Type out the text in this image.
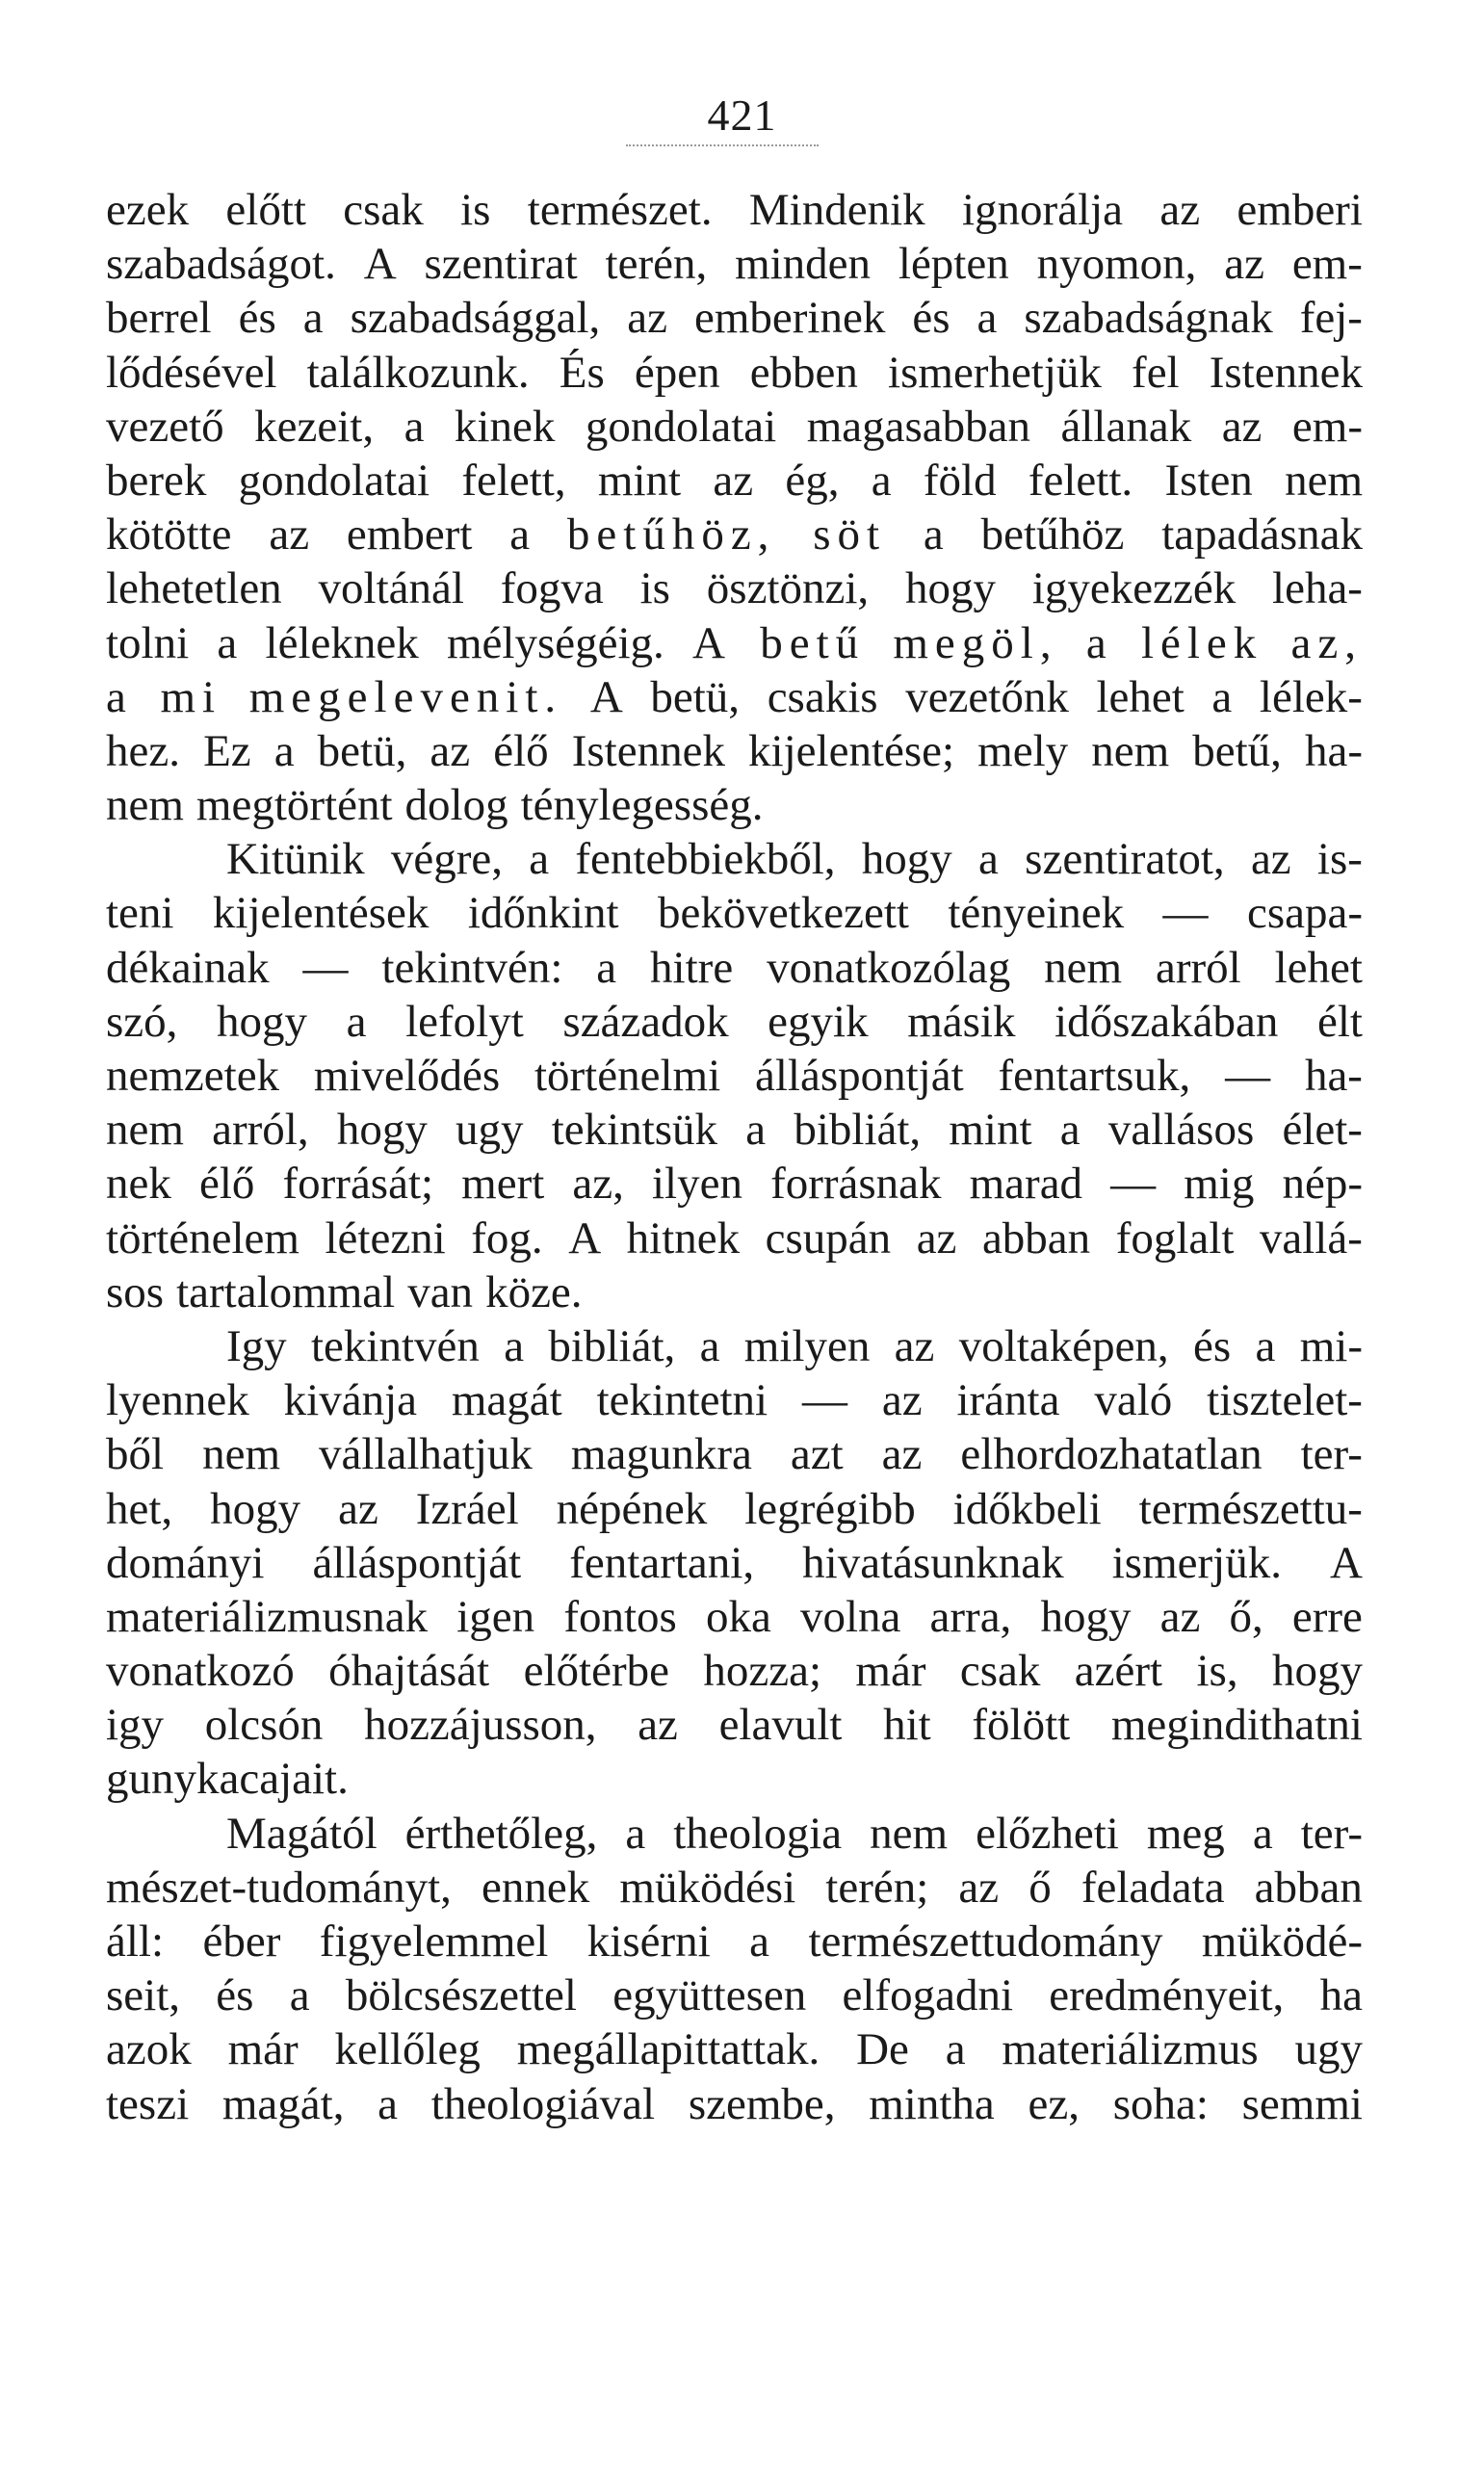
421
ezek előtt csak is természet. Mindenik ignorálja az emberi
szabadságot. A szentirat terén, minden lépten nyomon, az em-
berrel és a szabadsággal, az emberinek és a szabadságnak fej-
lődésével találkozunk. És épen ebben ismerhetjük fel Istennek
vezető kezeit, a kinek gondolatai magasabban állanak az em-
berek gondolatai felett, mint az ég, a föld felett. Isten nem
kötötte az embert a betűhöz, söt a betűhöz tapadásnak
lehetetlen voltánál fogva is ösztönzi, hogy igyekezzék leha-
tolni a léleknek mélységéig. A betű megöl, a lélek az,
a mi megelevenit. A betü, csakis vezetőnk lehet a lélek-
hez. Ez a betü, az élő Istennek kijelentése; mely nem betű, ha-
nem megtörtént dolog ténylegesség.
Kitünik végre, a fentebbiekből, hogy a szentiratot, az is-
teni kijelentések időnkint bekövetkezett tényeinek — csapa-
dékainak — tekintvén: a hitre vonatkozólag nem arról lehet
szó, hogy a lefolyt századok egyik másik időszakában élt
nemzetek mivelődés történelmi álláspontját fentartsuk, — ha-
nem arról, hogy ugy tekintsük a bibliát, mint a vallásos élet-
nek élő forrását; mert az, ilyen forrásnak marad — mig nép-
történelem létezni fog. A hitnek csupán az abban foglalt vallá-
sos tartalommal van köze.
Igy tekintvén a bibliát, a milyen az voltaképen, és a mi-
lyennek kivánja magát tekintetni — az iránta való tisztelet-
ből nem vállalhatjuk magunkra azt az elhordozhatatlan ter-
het, hogy az Izráel népének legrégibb időkbeli természettu-
dományi álláspontját fentartani, hivatásunknak ismerjük. A
materiálizmusnak igen fontos oka volna arra, hogy az ő, erre
vonatkozó óhajtását előtérbe hozza; már csak azért is, hogy
igy olcsón hozzájusson, az elavult hit fölött megindithatni
gunykacajait.
Magától érthetőleg, a theologia nem előzheti meg a ter-
mészet-tudományt, ennek müködési terén; az ő feladata abban
áll: éber figyelemmel kisérni a természettudomány müködé-
seit, és a bölcsészettel együttesen elfogadni eredményeit, ha
azok már kellőleg megállapittattak. De a materiálizmus ugy
teszi magát, a theologiával szembe, mintha ez, soha: semmi
